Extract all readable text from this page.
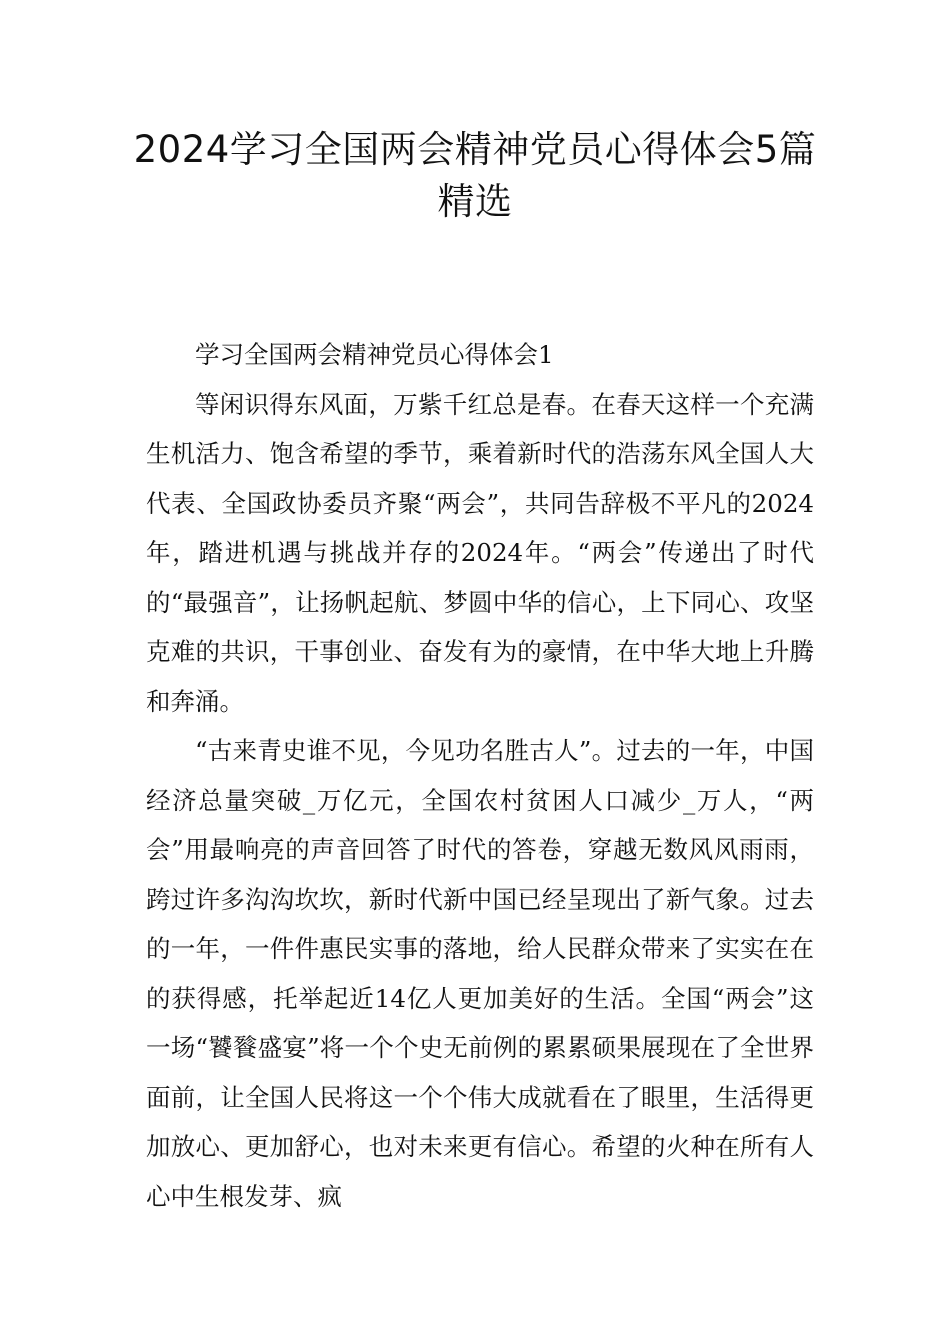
2024学习全国两会精神党员心得体会5篇精选

学习全国两会精神党员心得体会1

等闲识得东风面，万紫千红总是春。在春天这样一个充满生机活力、饱含希望的季节，乘着新时代的浩荡东风全国人大代表、全国政协委员齐聚“两会”，共同告辞极不平凡的2024年，踏进机遇与挑战并存的2024年。“两会”传递出了时代的“最强音”，让扬帆起航、梦圆中华的信心，上下同心、攻坚克难的共识，干事创业、奋发有为的豪情，在中华大地上升腾和奔涌。

“古来青史谁不见，今见功名胜古人”。过去的一年，中国经济总量突破_万亿元，全国农村贫困人口减少_万人，“两会”用最响亮的声音回答了时代的答卷，穿越无数风风雨雨，跨过许多沟沟坎坎，新时代新中国已经呈现出了新气象。过去的一年，一件件惠民实事的落地，给人民群众带来了实实在在的获得感，托举起近14亿人更加美好的生活。全国“两会”这一场“饕餮盛宴”将一个个史无前例的累累硕果展现在了全世界面前，让全国人民将这一个个伟大成就看在了眼里，生活得更加放心、更加舒心，也对未来更有信心。希望的火种在所有人心中生根发芽、疯
